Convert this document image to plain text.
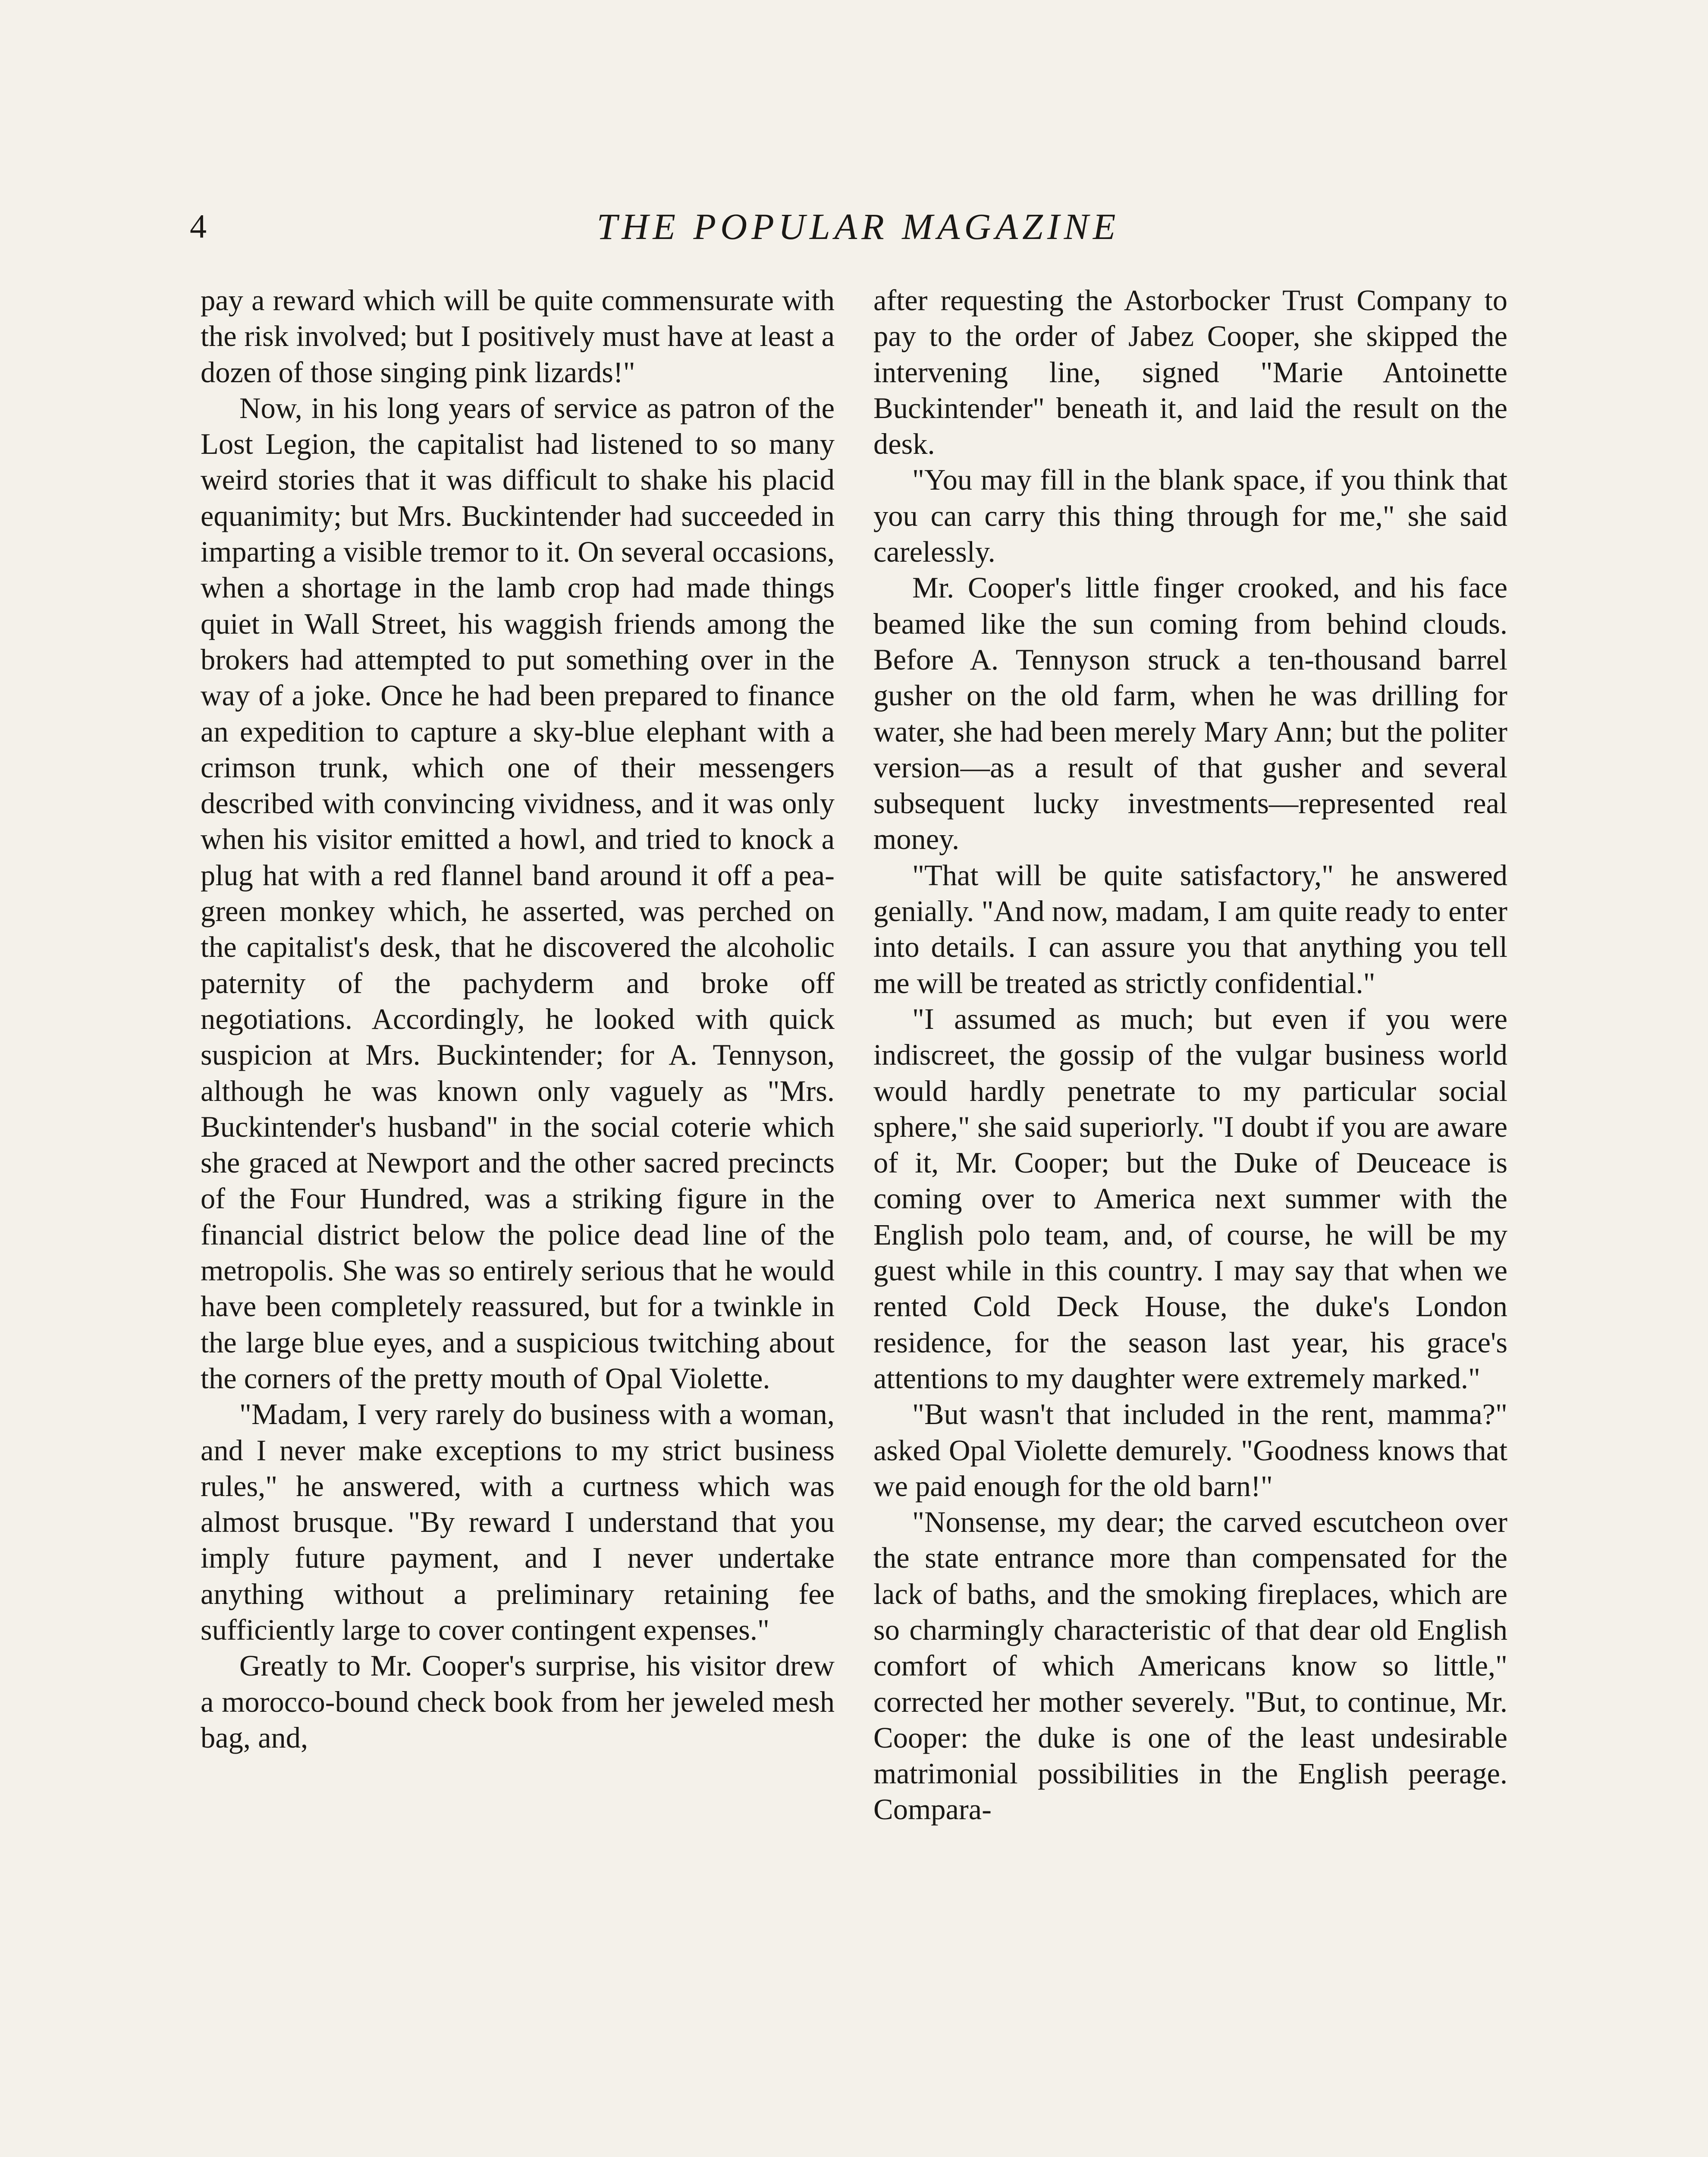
4	THE POPULAR MAGAZINE

pay a reward which will be quite commensurate with the risk involved; but I positively must have at least a dozen of those singing pink lizards!"

Now, in his long years of service as patron of the Lost Legion, the capitalist had listened to so many weird stories that it was difficult to shake his placid equanimity; but Mrs. Buckintender had succeeded in imparting a visible tremor to it. On several occasions, when a shortage in the lamb crop had made things quiet in Wall Street, his waggish friends among the brokers had attempted to put something over in the way of a joke. Once he had been prepared to finance an expedition to capture a sky-blue elephant with a crimson trunk, which one of their messengers described with convincing vividness, and it was only when his visitor emitted a howl, and tried to knock a plug hat with a red flannel band around it off a pea-green monkey which, he asserted, was perched on the capitalist's desk, that he discovered the alcoholic paternity of the pachyderm and broke off negotiations. Accordingly, he looked with quick suspicion at Mrs. Buckintender; for A. Tennyson, although he was known only vaguely as "Mrs. Buckintender's husband" in the social coterie which she graced at Newport and the other sacred precincts of the Four Hundred, was a striking figure in the financial district below the police dead line of the metropolis. She was so entirely serious that he would have been completely reassured, but for a twinkle in the large blue eyes, and a suspicious twitching about the corners of the pretty mouth of Opal Violette.

"Madam, I very rarely do business with a woman, and I never make exceptions to my strict business rules," he answered, with a curtness which was almost brusque. "By reward I understand that you imply future payment, and I never undertake anything without a preliminary retaining fee sufficiently large to cover contingent expenses."

Greatly to Mr. Cooper's surprise, his visitor drew a morocco-bound check book from her jeweled mesh bag, and,

after requesting the Astorbocker Trust Company to pay to the order of Jabez Cooper, she skipped the intervening line, signed "Marie Antoinette Buckintender" beneath it, and laid the result on the desk.

"You may fill in the blank space, if you think that you can carry this thing through for me," she said carelessly.

Mr. Cooper's little finger crooked, and his face beamed like the sun coming from behind clouds. Before A. Tennyson struck a ten-thousand barrel gusher on the old farm, when he was drilling for water, she had been merely Mary Ann; but the politer version—as a result of that gusher and several subsequent lucky investments—represented real money.

"That will be quite satisfactory," he answered genially. "And now, madam, I am quite ready to enter into details. I can assure you that anything you tell me will be treated as strictly confidential."

"I assumed as much; but even if you were indiscreet, the gossip of the vulgar business world would hardly penetrate to my particular social sphere," she said superiorly. "I doubt if you are aware of it, Mr. Cooper; but the Duke of Deuceace is coming over to America next summer with the English polo team, and, of course, he will be my guest while in this country. I may say that when we rented Cold Deck House, the duke's London residence, for the season last year, his grace's attentions to my daughter were extremely marked."

"But wasn't that included in the rent, mamma?" asked Opal Violette demurely. "Goodness knows that we paid enough for the old barn!"

"Nonsense, my dear; the carved escutcheon over the state entrance more than compensated for the lack of baths, and the smoking fireplaces, which are so charmingly characteristic of that dear old English comfort of which Americans know so little," corrected her mother severely. "But, to continue, Mr. Cooper: the duke is one of the least undesirable matrimonial possibilities in the English peerage. Compara-
